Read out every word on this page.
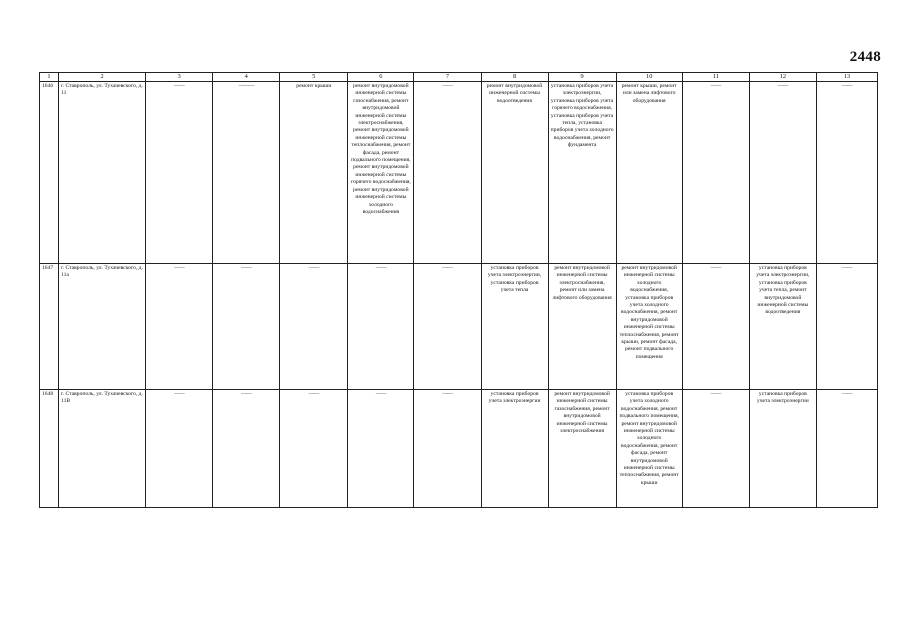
2448
1	2	3	4	5	6	7	8	9	10	11	12	13
1646	г. Ставрополь, ул. Тухачевского, д. 11	——	———	ремонт крыши	ремонт внутридомовой инженерной системы газоснабжения, ремонт внутридомовой инженерной системы электроснабжения, ремонт внутридомовой инженерной системы теплоснабжения, ремонт фасада, ремонт подвального помещения, ремонт внутридомовой инженерной системы горячего водоснабжения, ремонт внутридомовой инженерной системы холодного водоснабжения	——	ремонт внутридомовой инженерной системы водоотведения	установка приборов учета электроэнергии, установка приборов учета горячего водоснабжения, установка приборов учета тепла, установка приборов учета холодного водоснабжения, ремонт фундамента	ремонт крыши, ремонт или замена лифтового оборудования	——	——	——
1647	г. Ставрополь, ул. Тухачевского, д. 11а	——	——	——	——	——	установка приборов учета электроэнергии, установка приборов учета тепла	ремонт внутридомовой инженерной системы электроснабжения, ремонт или замена лифтового оборудования	ремонт внутридомовой инженерной системы холодного водоснабжения, установка приборов учета холодного водоснабжения, ремонт внутридомовой инженерной системы теплоснабжения, ремонт крыши, ремонт фасада, ремонт подвального помещения	——	установка приборов учета электроэнергии, установка приборов учета тепла, ремонт внутридомовой инженерной системы водоотведения	——
1648	г. Ставрополь, ул. Тухачевского, д. 11В	——	——	——	——	——	установка приборов учета электроэнергии	ремонт внутридомовой инженерной системы газоснабжения, ремонт внутридомовой инженерной системы электроснабжения	установка приборов учета холодного водоснабжения, ремонт подвального помещения, ремонт внутридомовой инженерной системы холодного водоснабжения, ремонт фасада, ремонт внутридомовой инженерной системы теплоснабжения, ремонт крыши	——	установка приборов учета электроэнергии	——
